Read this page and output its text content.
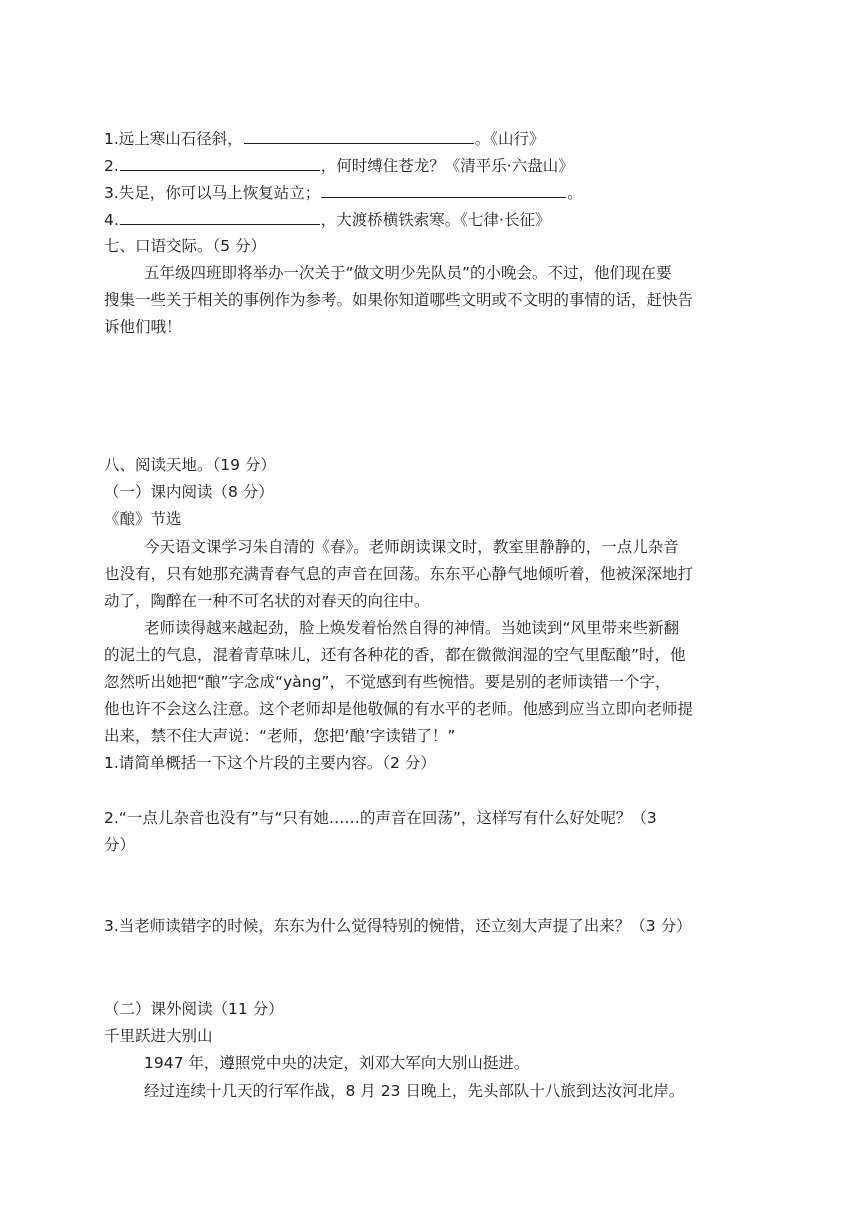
1.远上寒山石径斜，	。《山行》
2.	，何时缚住苍龙？《清平乐·六盘山》
3.失足，你可以马上恢复站立；	。
4.	，大渡桥横铁索寒。《七律·长征》
七、口语交际。（5 分）
五年级四班即将举办一次关于“做文明少先队员”的小晚会。不过，他们现在要
搜集一些关于相关的事例作为参考。如果你知道哪些文明或不文明的事情的话，赶快告
诉他们哦！
八、阅读天地。（19 分）
（一）课内阅读（8 分）
《酿》节选
今天语文课学习朱自清的《春》。老师朗读课文时，教室里静静的，一点儿杂音
也没有，只有她那充满青春气息的声音在回荡。东东平心静气地倾听着，他被深深地打
动了，陶醉在一种不可名状的对春天的向往中。
老师读得越来越起劲，脸上焕发着怡然自得的神情。当她读到“风里带来些新翻
的泥土的气息，混着青草味儿，还有各种花的香，都在微微润湿的空气里酝酿”时，他
忽然听出她把“酿”字念成“yàng”，不觉感到有些惋惜。要是别的老师读错一个字，
他也许不会这么注意。这个老师却是他敬佩的有水平的老师。他感到应当立即向老师提
出来，禁不住大声说：“老师，您把‘酿’字读错了！”
1.请简单概括一下这个片段的主要内容。（2 分）
2.“一点儿杂音也没有”与“只有她……的声音在回荡”，这样写有什么好处呢？（3
分）
3.当老师读错字的时候，东东为什么觉得特别的惋惜，还立刻大声提了出来？（3 分）
（二）课外阅读（11 分）
千里跃进大别山
1947 年，遵照党中央的决定，刘邓大军向大别山挺进。
经过连续十几天的行军作战，8 月 23 日晚上，先头部队十八旅到达汝河北岸。
